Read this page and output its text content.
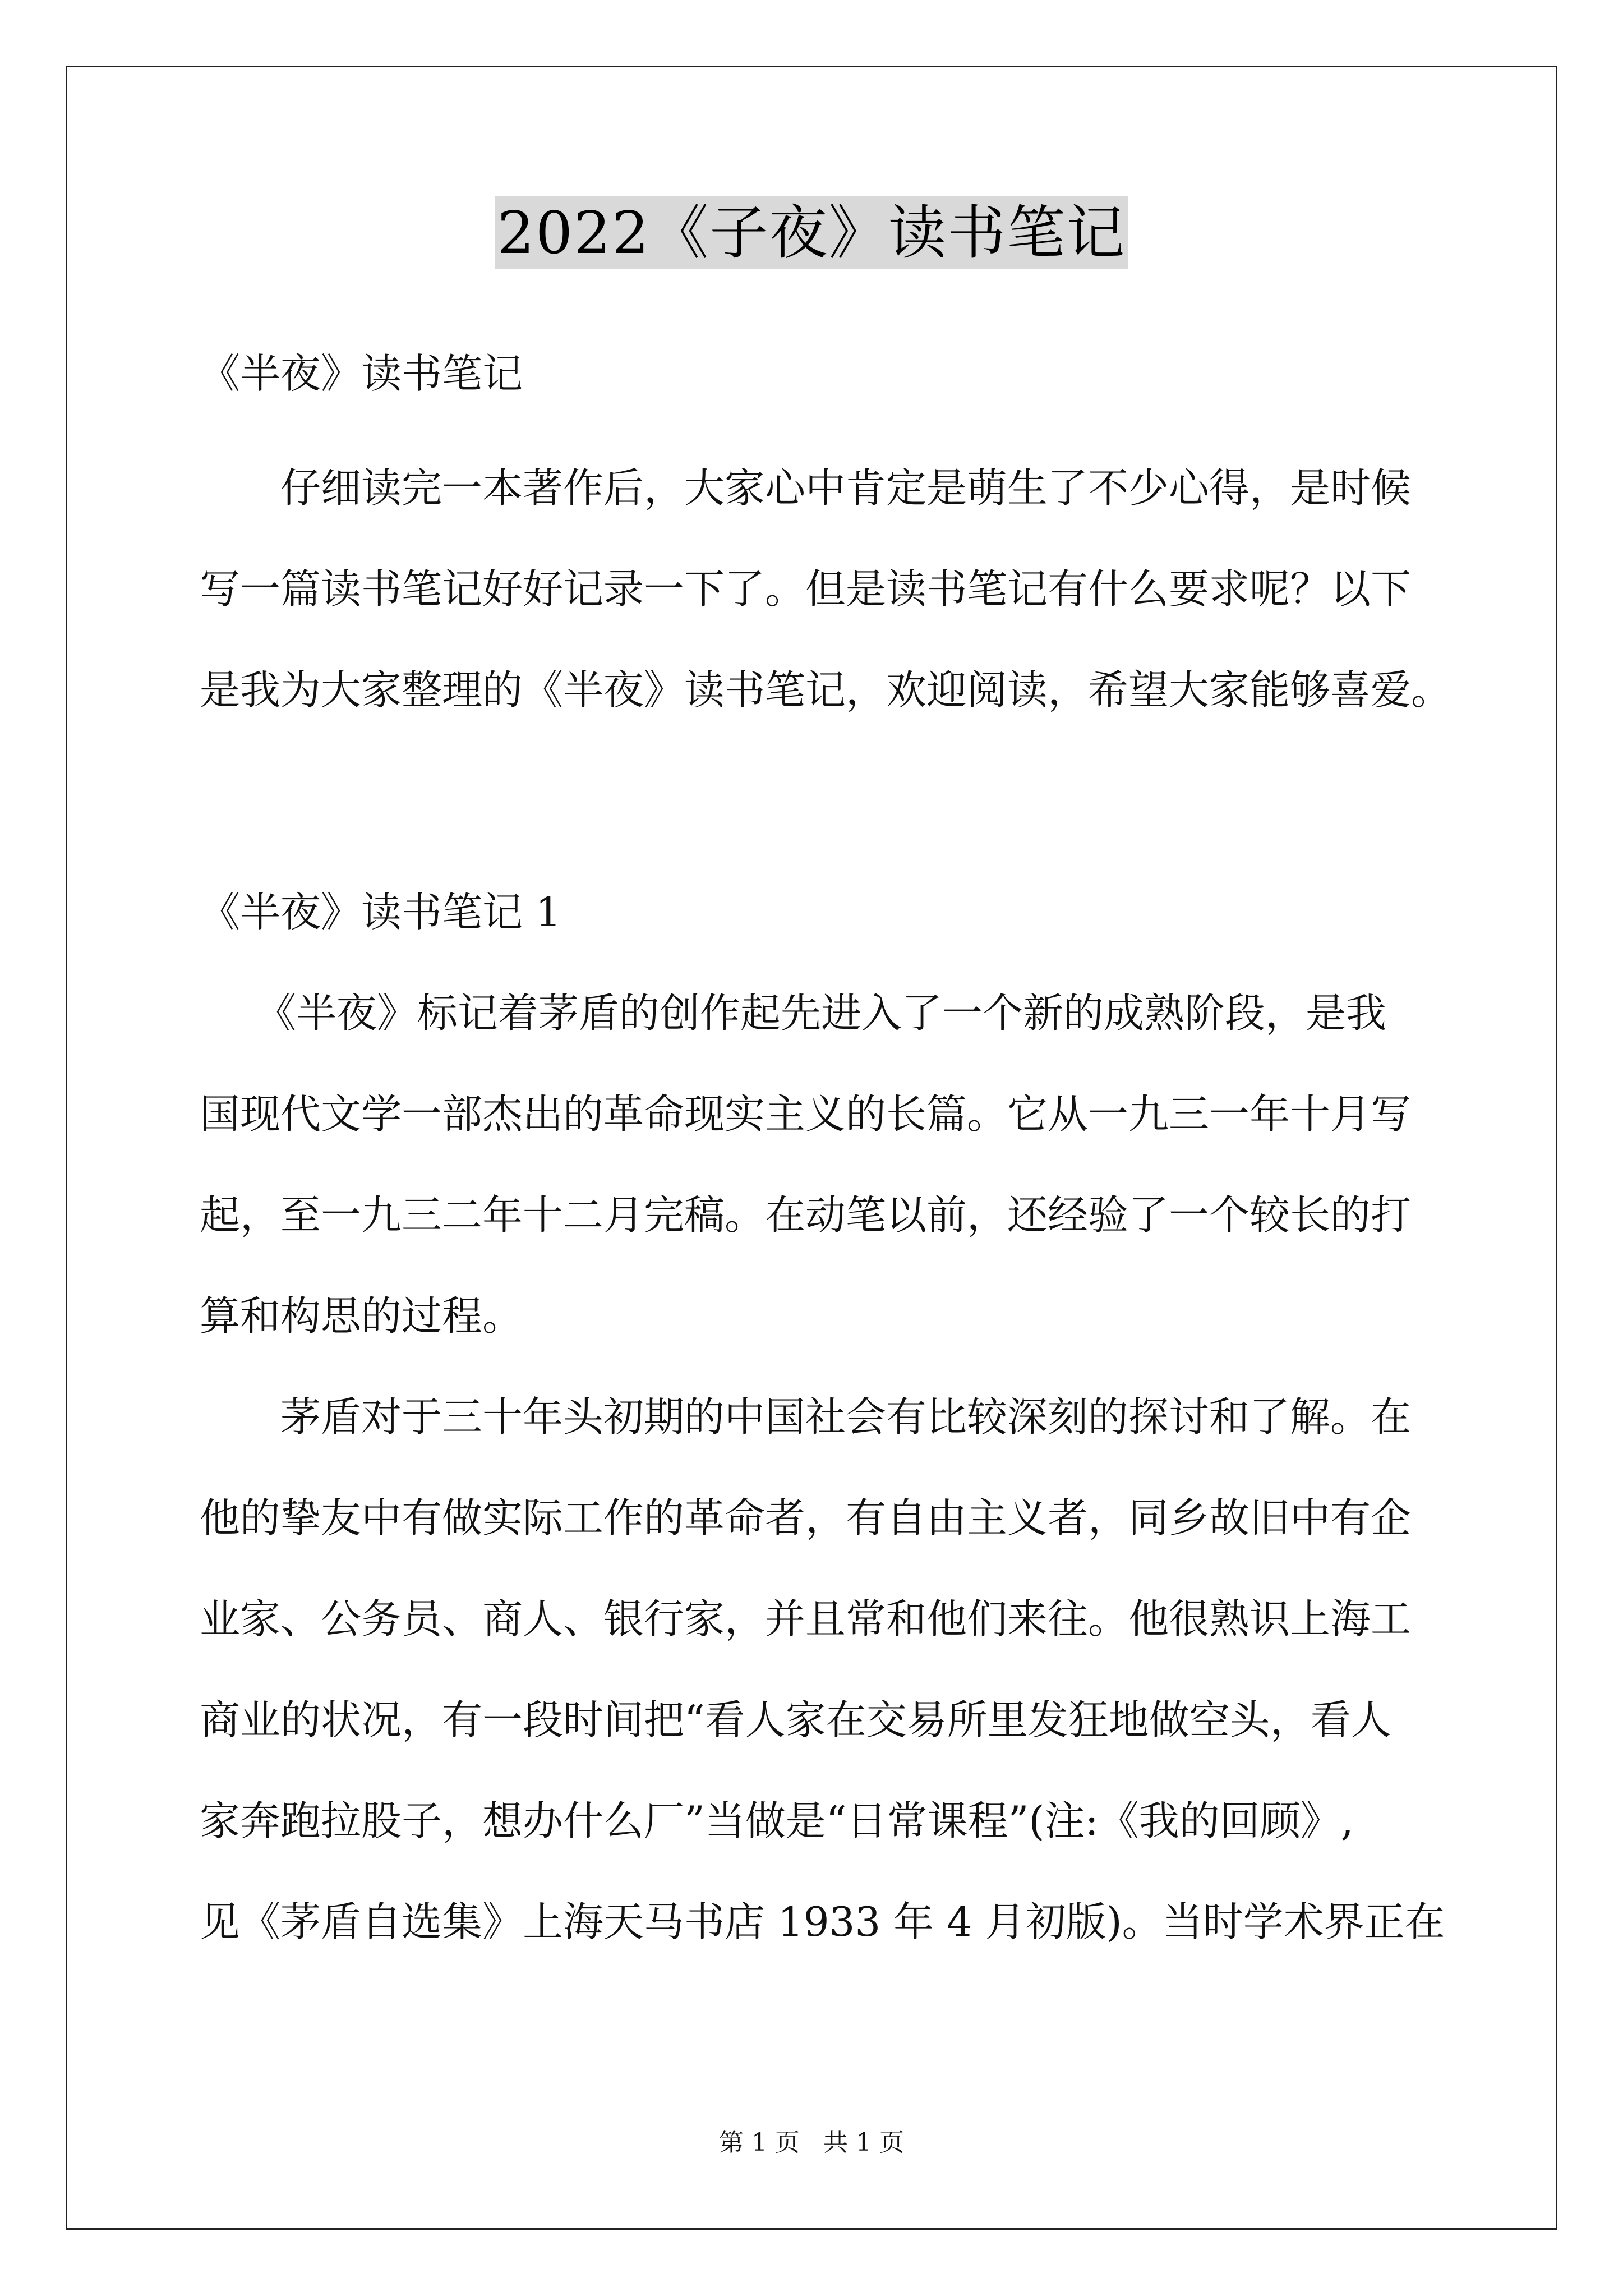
2022《子夜》读书笔记
《半夜》读书笔记
仔细读完一本著作后，大家心中肯定是萌生了不少心得，是时候
写一篇读书笔记好好记录一下了。但是读书笔记有什么要求呢？以下
是我为大家整理的《半夜》读书笔记，欢迎阅读，希望大家能够喜爱。
《半夜》读书笔记 1
《半夜》标记着茅盾的创作起先进入了一个新的成熟阶段，是我
国现代文学一部杰出的革命现实主义的长篇。它从一九三一年十月写
起，至一九三二年十二月完稿。在动笔以前，还经验了一个较长的打
算和构思的过程。
茅盾对于三十年头初期的中国社会有比较深刻的探讨和了解。在
他的挚友中有做实际工作的革命者，有自由主义者，同乡故旧中有企
业家、公务员、商人、银行家，并且常和他们来往。他很熟识上海工
商业的状况，有一段时间把“看人家在交易所里发狂地做空头，看人
家奔跑拉股子，想办什么厂”当做是“日常课程”(注:《我的回顾》,
见《茅盾自选集》上海天马书店 1933 年 4 月初版)。当时学术界正在
第 1 页 共 1 页
